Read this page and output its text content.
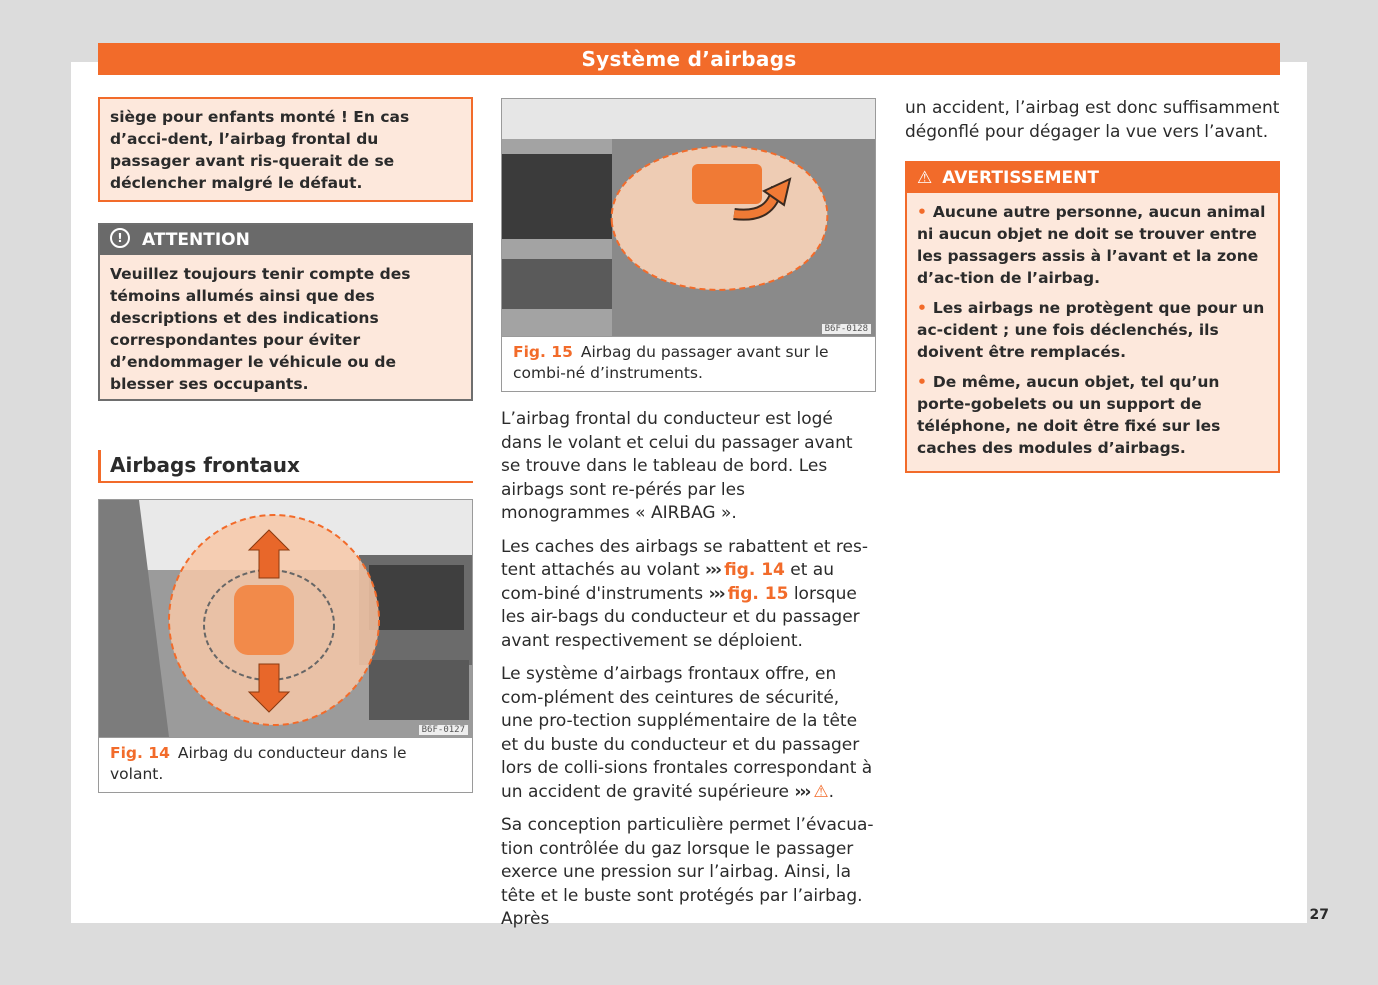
Système d’airbags
siège pour enfants monté ! En cas d’acci-dent, l’airbag frontal du passager avant ris-querait de se déclencher malgré le défaut.
! ATTENTION
Veuillez toujours tenir compte des témoins allumés ainsi que des descriptions et des indications correspondantes pour éviter d’endommager le véhicule ou de blesser ses occupants.
Airbags frontaux
B6F-0127
Fig. 14 Airbag du conducteur dans le volant.
B6F-0128
Fig. 15 Airbag du passager avant sur le combi-né d’instruments.

L’airbag frontal du conducteur est logé dans le volant et celui du passager avant se trouve dans le tableau de bord. Les airbags sont re-pérés par les monogrammes « AIRBAG ».

Les caches des airbags se rabattent et res-tent attachés au volant ››› fig. 14 et au com-biné d'instruments ››› fig. 15 lorsque les air-bags du conducteur et du passager avant respectivement se déploient.

Le système d’airbags frontaux offre, en com-plément des ceintures de sécurité, une pro-tection supplémentaire de la tête et du buste du conducteur et du passager lors de colli-sions frontales correspondant à un accident de gravité supérieure ››› ⚠.

Sa conception particulière permet l’évacua-tion contrôlée du gaz lorsque le passager exerce une pression sur l’airbag. Ainsi, la tête et le buste sont protégés par l’airbag. Après

un accident, l’airbag est donc suffisamment dégonflé pour dégager la vue vers l’avant.

⚠ AVERTISSEMENT
• Aucune autre personne, aucun animal ni aucun objet ne doit se trouver entre les passagers assis à l’avant et la zone d’ac-tion de l’airbag.
• Les airbags ne protègent que pour un ac-cident ; une fois déclenchés, ils doivent être remplacés.
• De même, aucun objet, tel qu’un porte-gobelets ou un support de téléphone, ne doit être fixé sur les caches des modules d’airbags.
27
